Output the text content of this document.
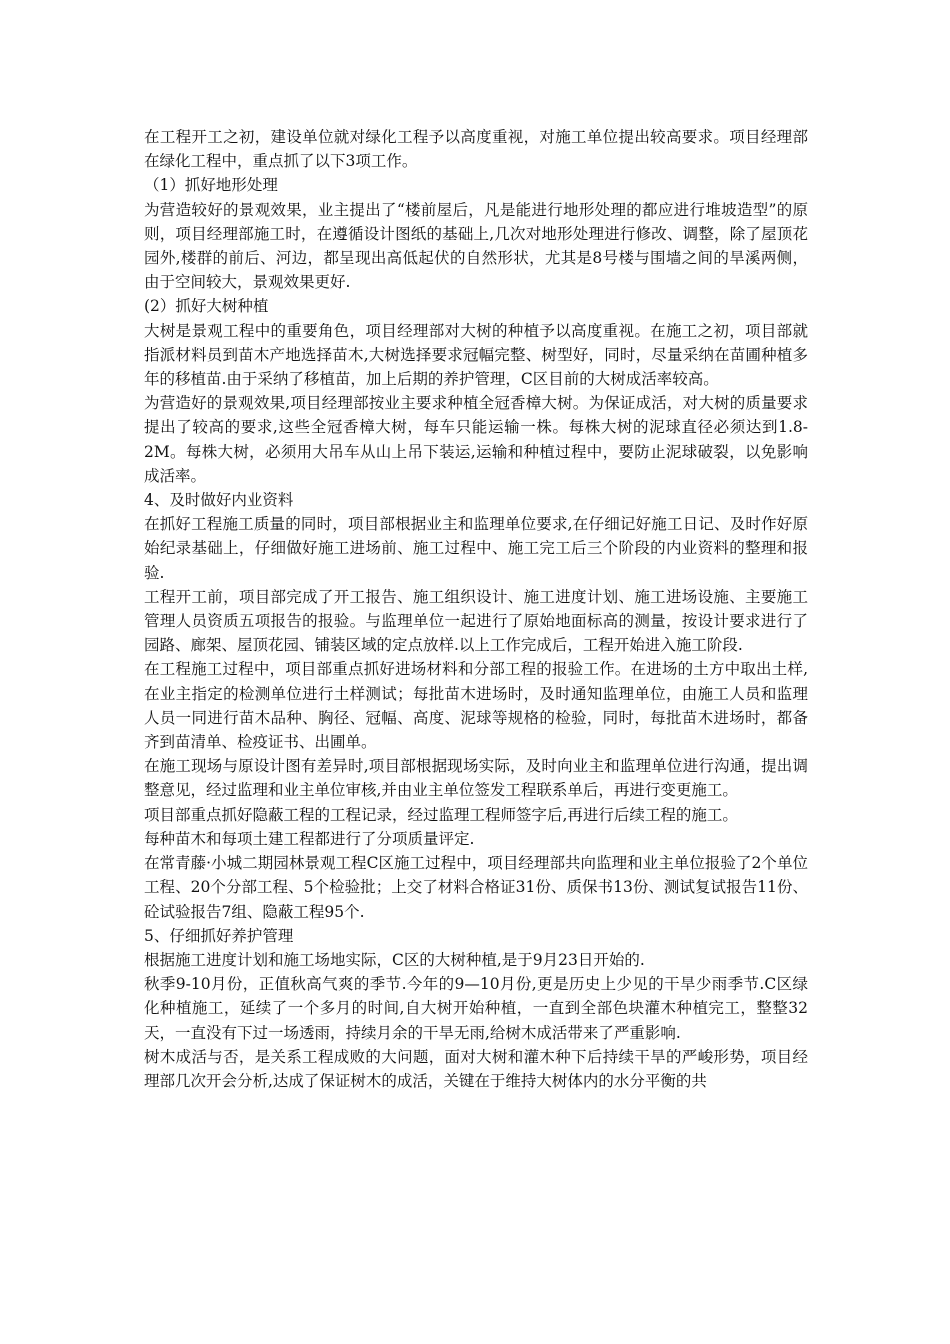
在工程开工之初，建设单位就对绿化工程予以高度重视，对施工单位提出较高要求。项目经理部在绿化工程中，重点抓了以下3项工作。

（1）抓好地形处理

为营造较好的景观效果，业主提出了“楼前屋后，凡是能进行地形处理的都应进行堆坡造型”的原则，项目经理部施工时，在遵循设计图纸的基础上,几次对地形处理进行修改、调整，除了屋顶花园外,楼群的前后、河边，都呈现出高低起伏的自然形状，尤其是8号楼与围墙之间的旱溪两侧，由于空间较大，景观效果更好.

(2）抓好大树种植

大树是景观工程中的重要角色，项目经理部对大树的种植予以高度重视。在施工之初，项目部就指派材料员到苗木产地选择苗木,大树选择要求冠幅完整、树型好，同时，尽量采纳在苗圃种植多年的移植苗.由于采纳了移植苗，加上后期的养护管理，C区目前的大树成活率较高。

为营造好的景观效果,项目经理部按业主要求种植全冠香樟大树。为保证成活，对大树的质量要求提出了较高的要求,这些全冠香樟大树，每车只能运输一株。每株大树的泥球直径必须达到1.8-2M。每株大树，必须用大吊车从山上吊下装运,运输和种植过程中，要防止泥球破裂，以免影响成活率。

4、及时做好内业资料

在抓好工程施工质量的同时，项目部根据业主和监理单位要求,在仔细记好施工日记、及时作好原始纪录基础上，仔细做好施工进场前、施工过程中、施工完工后三个阶段的内业资料的整理和报验.

工程开工前，项目部完成了开工报告、施工组织设计、施工进度计划、施工进场设施、主要施工管理人员资质五项报告的报验。与监理单位一起进行了原始地面标高的测量，按设计要求进行了园路、廊架、屋顶花园、铺装区域的定点放样.以上工作完成后，工程开始进入施工阶段.

在工程施工过程中，项目部重点抓好进场材料和分部工程的报验工作。在进场的土方中取出土样,在业主指定的检测单位进行土样测试；每批苗木进场时，及时通知监理单位，由施工人员和监理人员一同进行苗木品种、胸径、冠幅、高度、泥球等规格的检验，同时，每批苗木进场时，都备齐到苗清单、检疫证书、出圃单。

在施工现场与原设计图有差异时,项目部根据现场实际，及时向业主和监理单位进行沟通，提出调整意见，经过监理和业主单位审核,并由业主单位签发工程联系单后，再进行变更施工。

项目部重点抓好隐蔽工程的工程记录，经过监理工程师签字后,再进行后续工程的施工。

每种苗木和每项土建工程都进行了分项质量评定.

在常青藤·小城二期园林景观工程C区施工过程中，项目经理部共向监理和业主单位报验了2个单位工程、20个分部工程、5个检验批；上交了材料合格证31份、质保书13份、测试复试报告11份、砼试验报告7组、隐蔽工程95个.

5、仔细抓好养护管理

根据施工进度计划和施工场地实际，C区的大树种植,是于9月23日开始的.

秋季9-10月份，正值秋高气爽的季节.今年的9—10月份,更是历史上少见的干旱少雨季节.C区绿化种植施工，延续了一个多月的时间,自大树开始种植，一直到全部色块灌木种植完工，整整32天，一直没有下过一场透雨，持续月余的干旱无雨,给树木成活带来了严重影响.

树木成活与否，是关系工程成败的大问题，面对大树和灌木种下后持续干旱的严峻形势，项目经理部几次开会分析,达成了保证树木的成活，关键在于维持大树体内的水分平衡的共
